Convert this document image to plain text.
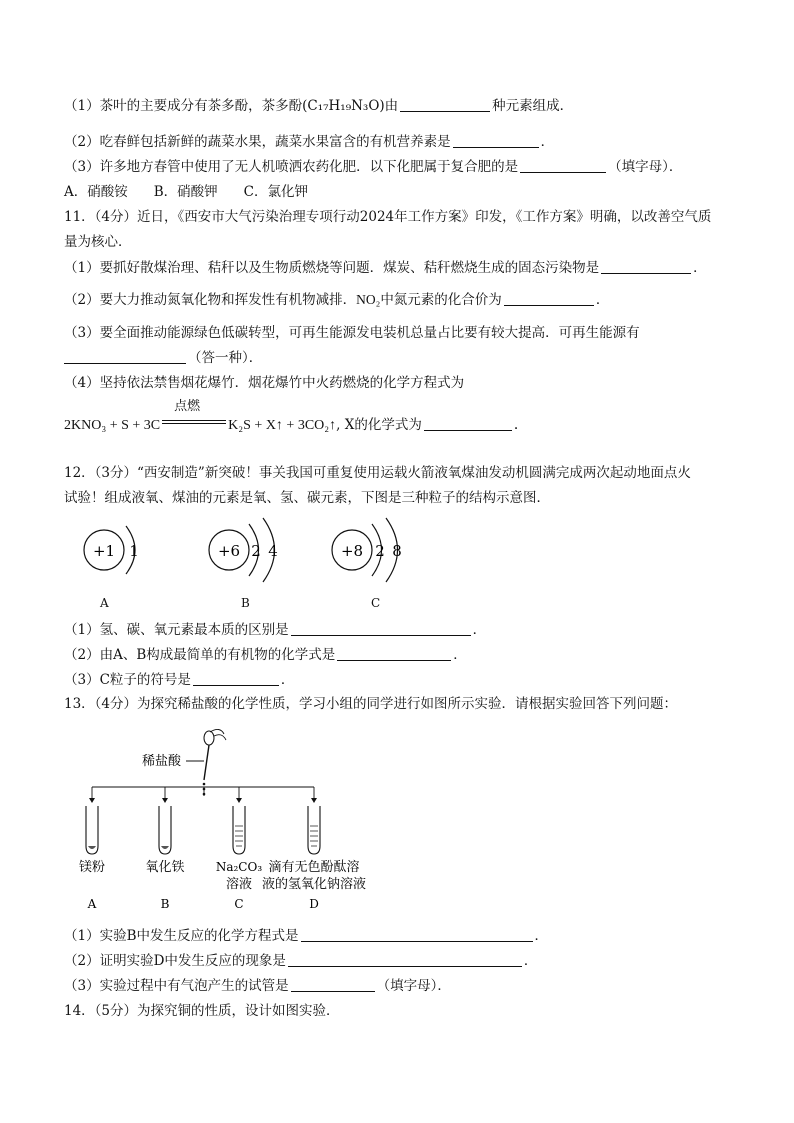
（1）茶叶的主要成分有茶多酚，茶多酚(C₁₇H₁₉N₃O)由	种元素组成．
（2）吃春鲜包括新鲜的蔬菜水果，蔬菜水果富含的有机营养素是	．
（3）许多地方春管中使用了无人机喷洒农药化肥．以下化肥属于复合肥的是	（填字母）．
A．硝酸铵 B．硝酸钾 C．氯化钾
11．（4分）近日，《西安市大气污染治理专项行动2024年工作方案》印发，《工作方案》明确，以改善空气质
量为核心．
（1）要抓好散煤治理、秸秆以及生物质燃烧等问题．煤炭、秸秆燃烧生成的固态污染物是	．
（2）要大力推动氮氧化物和挥发性有机物减排．NO₂中氮元素的化合价为	．
（3）要全面推动能源绿色低碳转型，可再生能源发电装机总量占比要有较大提高．可再生能源有
（答一种）．
（4）坚持依法禁售烟花爆竹．烟花爆竹中火药燃烧的化学方程式为
2KNO₃ + S + 3C
点燃
K₂S + X↑ + 3CO₂↑, X的化学式为	．
12．（3分）“西安制造”新突破！事关我国可重复使用运载火箭液氧煤油发动机圆满完成两次起动地面点火
试验！组成液氧、煤油的元素是氧、氢、碳元素，下图是三种粒子的结构示意图．
+1 1	+6 2 4	+8 2 8
A	B	C
（1）氢、碳、氧元素最本质的区别是	．
（2）由A、B构成最简单的有机物的化学式是	．
（3）C粒子的符号是	．
13．（4分）为探究稀盐酸的化学性质，学习小组的同学进行如图所示实验．请根据实验回答下列问题：
稀盐酸
镁粉	氧化铁	Na₂CO₃
溶液
滴有无色酚酞溶
液的氢氧化钠溶液
A	B	C	D
（1）实验B中发生反应的化学方程式是	．
（2）证明实验D中发生反应的现象是	．
（3）实验过程中有气泡产生的试管是	（填字母）．
14．（5分）为探究铜的性质，设计如图实验．
